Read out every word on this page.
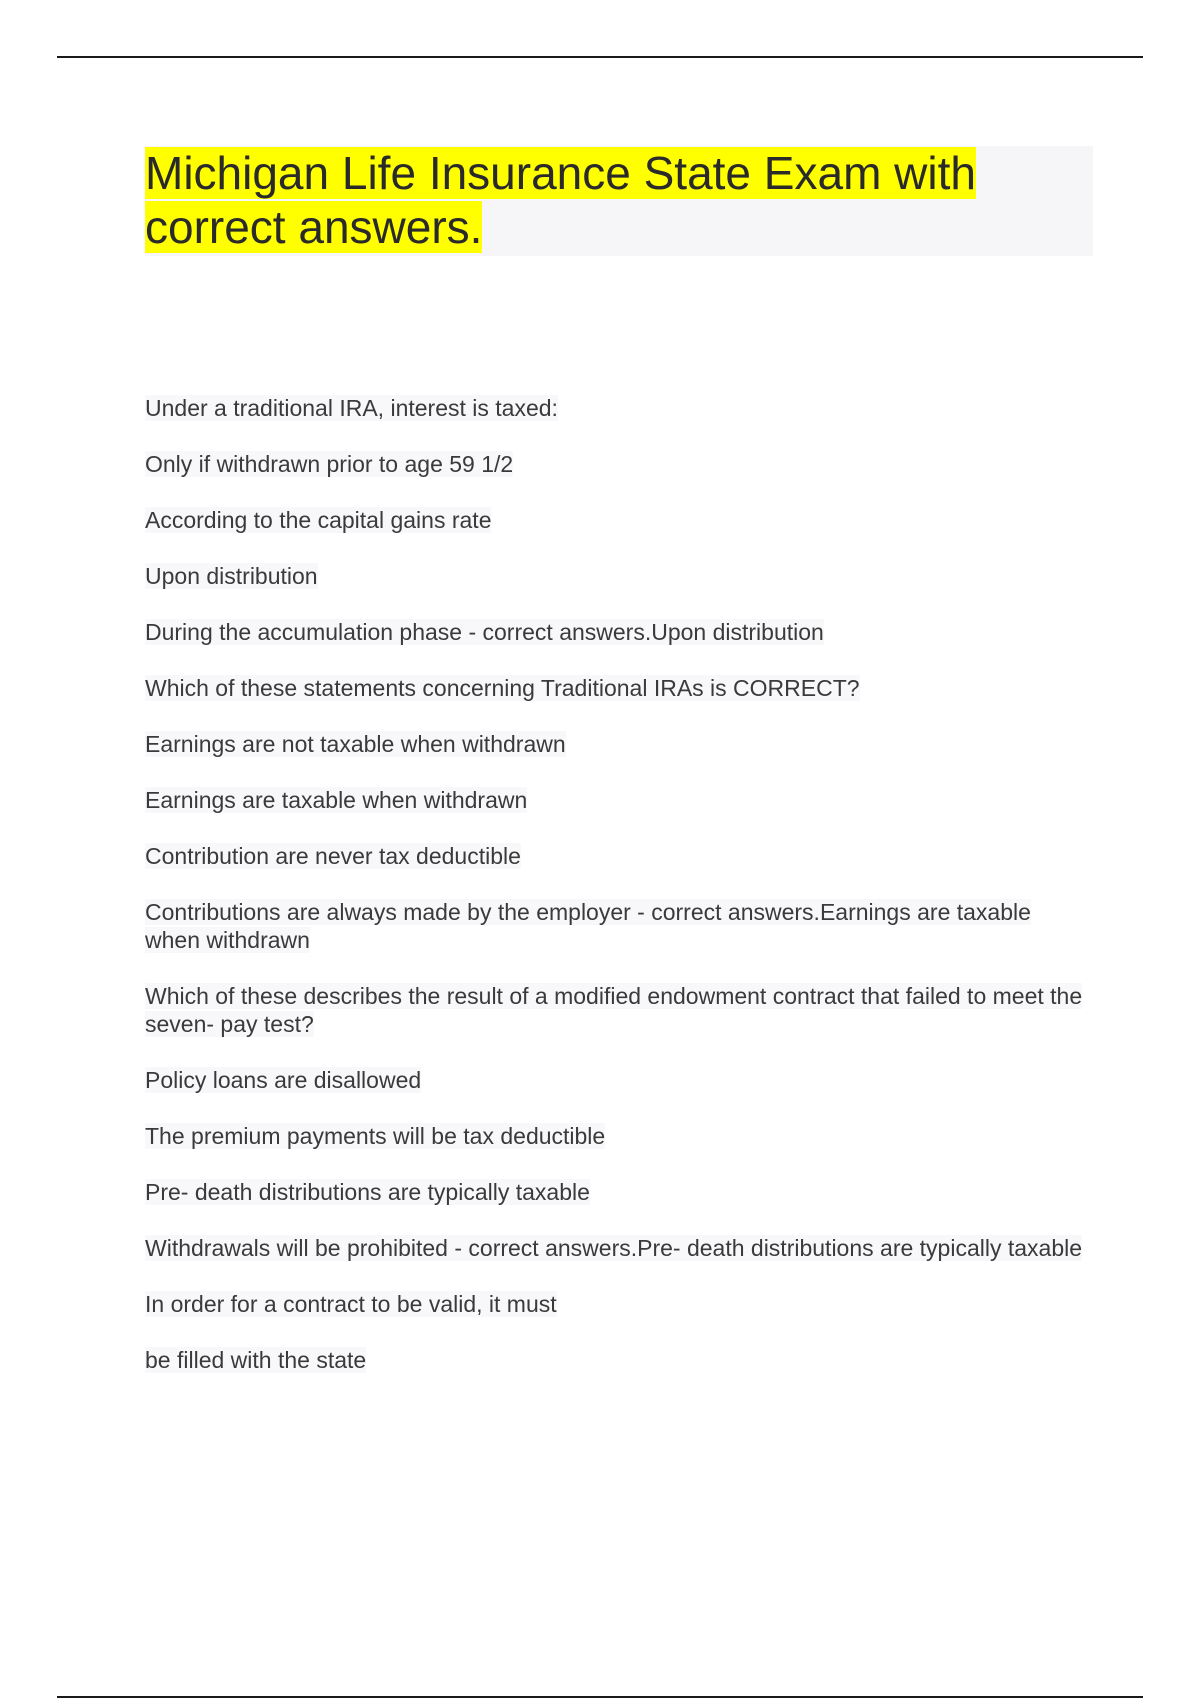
Michigan Life Insurance State Exam with correct answers.

Under a traditional IRA, interest is taxed:

Only if withdrawn prior to age 59 1/2

According to the capital gains rate

Upon distribution

During the accumulation phase - correct answers.Upon distribution

Which of these statements concerning Traditional IRAs is CORRECT?

Earnings are not taxable when withdrawn

Earnings are taxable when withdrawn

Contribution are never tax deductible

Contributions are always made by the employer - correct answers.Earnings are taxable when withdrawn

Which of these describes the result of a modified endowment contract that failed to meet the seven- pay test?

Policy loans are disallowed

The premium payments will be tax deductible

Pre- death distributions are typically taxable

Withdrawals will be prohibited - correct answers.Pre- death distributions are typically taxable

In order for a contract to be valid, it must

be filled with the state
